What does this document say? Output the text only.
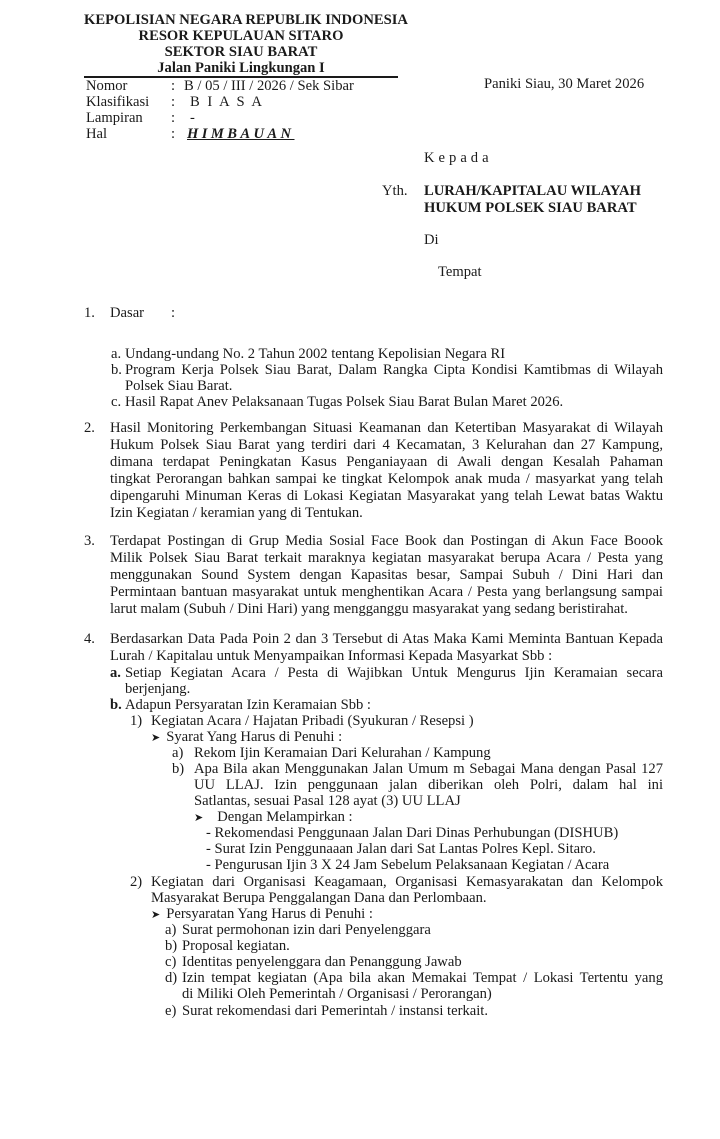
KEPOLISIAN NEGARA REPUBLIK INDONESIA
RESOR KEPULAUAN SITARO
SEKTOR SIAU BARAT
Jalan Paniki Lingkungan I
Nomor	: B / 05 / III / 2026 / Sek Sibar
Klasifikasi : B I A S A
Lampiran : -
Hal	: HIMBAUAN
Paniki Siau, 30 Maret 2026
Kepada
Yth. LURAH/KAPITALAU WILAYAH
HUKUM POLSEK SIAU BARAT
Di
Tempat
1. Dasar :
a. Undang-undang No. 2 Tahun 2002 tentang Kepolisian Negara RI
b. Program Kerja Polsek Siau Barat, Dalam Rangka Cipta Kondisi Kamtibmas di Wilayah
Polsek Siau Barat.
c. Hasil Rapat Anev Pelaksanaan Tugas Polsek Siau Barat Bulan Maret 2026.
2. Hasil Monitoring Perkembangan Situasi Keamanan dan Ketertiban Masyarakat di Wilayah
Hukum Polsek Siau Barat yang terdiri dari 4 Kecamatan, 3 Kelurahan dan 27 Kampung,
dimana terdapat Peningkatan Kasus Penganiayaan di Awali dengan Kesalah Pahaman
tingkat Perorangan bahkan sampai ke tingkat Kelompok anak muda / masyarkat yang telah
dipengaruhi Minuman Keras di Lokasi Kegiatan Masyarakat yang telah Lewat batas Waktu
Izin Kegiatan / keramian yang di Tentukan.
3. Terdapat Postingan di Grup Media Sosial Face Book dan Postingan di Akun Face Boook
Milik Polsek Siau Barat terkait maraknya kegiatan masyarakat berupa Acara / Pesta yang
menggunakan Sound System dengan Kapasitas besar, Sampai Subuh / Dini Hari dan
Permintaan bantuan masyarakat untuk menghentikan Acara / Pesta yang berlangsung sampai
larut malam (Subuh / Dini Hari) yang mengganggu masyarakat yang sedang beristirahat.
4. Berdasarkan Data Pada Poin 2 dan 3 Tersebut di Atas Maka Kami Meminta Bantuan Kepada
Lurah / Kapitalau untuk Menyampaikan Informasi Kepada Masyarkat Sbb :
a. Setiap Kegiatan Acara / Pesta di Wajibkan Untuk Mengurus Ijin Keramaian secara
berjenjang.
b. Adapun Persyaratan Izin Keramaian Sbb :
1) Kegiatan Acara / Hajatan Pribadi (Syukuran / Resepsi )
➤ Syarat Yang Harus di Penuhi :
a) Rekom Ijin Keramaian Dari Kelurahan / Kampung
b) Apa Bila akan Menggunakan Jalan Umum m Sebagai Mana dengan Pasal 127
UU LLAJ. Izin penggunaan jalan diberikan oleh Polri, dalam hal ini
Satlantas, sesuai Pasal 128 ayat (3) UU LLAJ
➤ Dengan Melampirkan :
- Rekomendasi Penggunaan Jalan Dari Dinas Perhubungan (DISHUB)
- Surat Izin Penggunaaan Jalan dari Sat Lantas Polres Kepl. Sitaro.
- Pengurusan Ijin 3 X 24 Jam Sebelum Pelaksanaan Kegiatan / Acara
2) Kegiatan dari Organisasi Keagamaan, Organisasi Kemasyarakatan dan Kelompok
Masyarakat Berupa Penggalangan Dana dan Perlombaan.
➤ Persyaratan Yang Harus di Penuhi :
a) Surat permohonan izin dari Penyelenggara
b) Proposal kegiatan.
c) Identitas penyelenggara dan Penanggung Jawab
d) Izin tempat kegiatan (Apa bila akan Memakai Tempat / Lokasi Tertentu yang
di Miliki Oleh Pemerintah / Organisasi / Perorangan)
e) Surat rekomendasi dari Pemerintah / instansi terkait.
